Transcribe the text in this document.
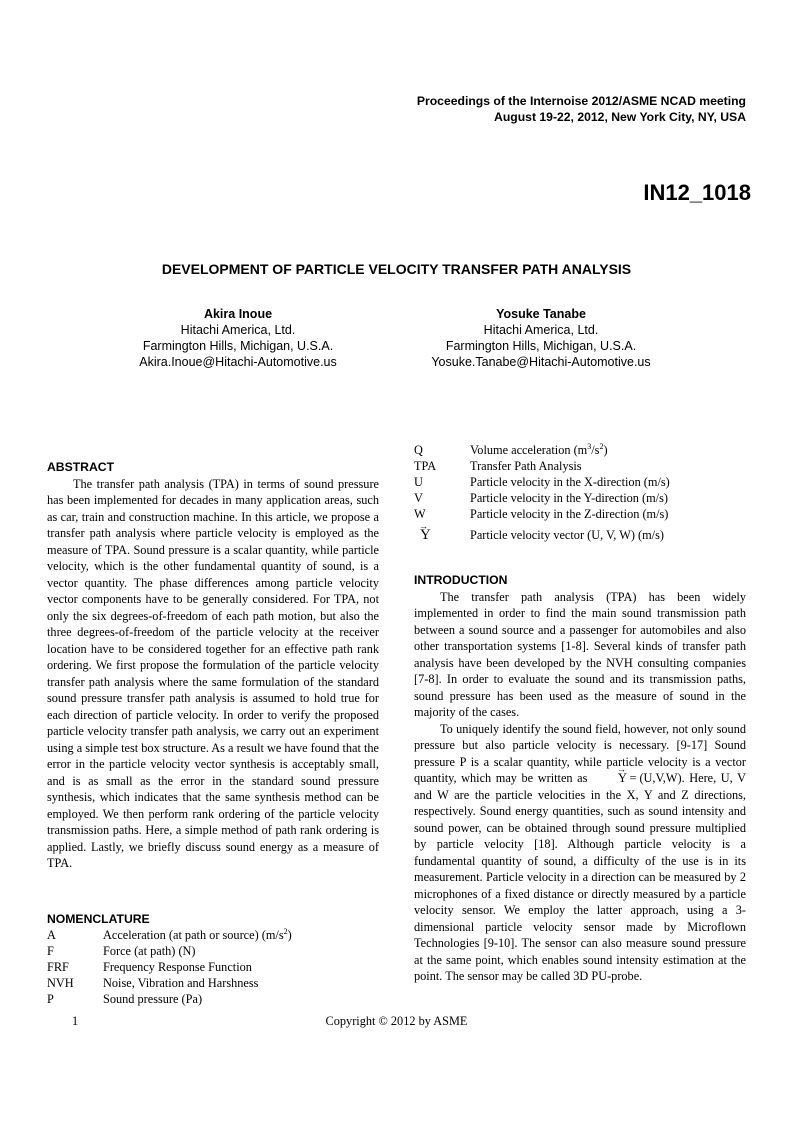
Proceedings of the Internoise 2012/ASME NCAD meeting
August 19-22, 2012, New York City, NY, USA
IN12_1018
DEVELOPMENT OF PARTICLE VELOCITY TRANSFER PATH ANALYSIS
Akira Inoue
Hitachi America, Ltd.
Farmington Hills, Michigan, U.S.A.
Akira.Inoue@Hitachi-Automotive.us
Yosuke Tanabe
Hitachi America, Ltd.
Farmington Hills, Michigan, U.S.A.
Yosuke.Tanabe@Hitachi-Automotive.us
ABSTRACT
The transfer path analysis (TPA) in terms of sound pressure has been implemented for decades in many application areas, such as car, train and construction machine. In this article, we propose a transfer path analysis where particle velocity is employed as the measure of TPA. Sound pressure is a scalar quantity, while particle velocity, which is the other fundamental quantity of sound, is a vector quantity. The phase differences among particle velocity vector components have to be generally considered. For TPA, not only the six degrees-of-freedom of each path motion, but also the three degrees-of-freedom of the particle velocity at the receiver location have to be considered together for an effective path rank ordering. We first propose the formulation of the particle velocity transfer path analysis where the same formulation of the standard sound pressure transfer path analysis is assumed to hold true for each direction of particle velocity. In order to verify the proposed particle velocity transfer path analysis, we carry out an experiment using a simple test box structure. As a result we have found that the error in the particle velocity vector synthesis is acceptably small, and is as small as the error in the standard sound pressure synthesis, which indicates that the same synthesis method can be employed. We then perform rank ordering of the particle velocity transmission paths. Here, a simple method of path rank ordering is applied. Lastly, we briefly discuss sound energy as a measure of TPA.
NOMENCLATURE
A	Acceleration (at path or source) $(m/s^2)$
F	Force (at path) (N)
FRF	Frequency Response Function
NVH	Noise, Vibration and Harshness
P	Sound pressure (Pa)
Q	Volume acceleration $(m^3/s^2)$
TPA	Transfer Path Analysis
U	Particle velocity in the X-direction (m/s)
V	Particle velocity in the Y-direction (m/s)
W	Particle velocity in the Z-direction (m/s)
→ Υ	Particle velocity vector (U, V, W) (m/s)
INTRODUCTION
The transfer path analysis (TPA) has been widely implemented in order to find the main sound transmission path between a sound source and a passenger for automobiles and also other transportation systems [1-8]. Several kinds of transfer path analysis have been developed by the NVH consulting companies [7-8]. In order to evaluate the sound and its transmission paths, sound pressure has been used as the measure of sound in the majority of the cases.
To uniquely identify the sound field, however, not only sound pressure but also particle velocity is necessary. [9-17] Sound pressure P is a scalar quantity, while particle velocity is a vector quantity, which may be written as → Υ = (U,V,W). Here, U, V and W are the particle velocities in the X, Y and Z directions, respectively. Sound energy quantities, such as sound intensity and sound power, can be obtained through sound pressure multiplied by particle velocity [18]. Although particle velocity is a fundamental quantity of sound, a difficulty of the use is in its measurement. Particle velocity in a direction can be measured by 2 microphones of a fixed distance or directly measured by a particle velocity sensor. We employ the latter approach, using a 3-dimensional particle velocity sensor made by Microflown Technologies [9-10]. The sensor can also measure sound pressure at the same point, which enables sound intensity estimation at the point. The sensor may be called 3D PU-probe.
1	Copyright © 2012 by ASME
